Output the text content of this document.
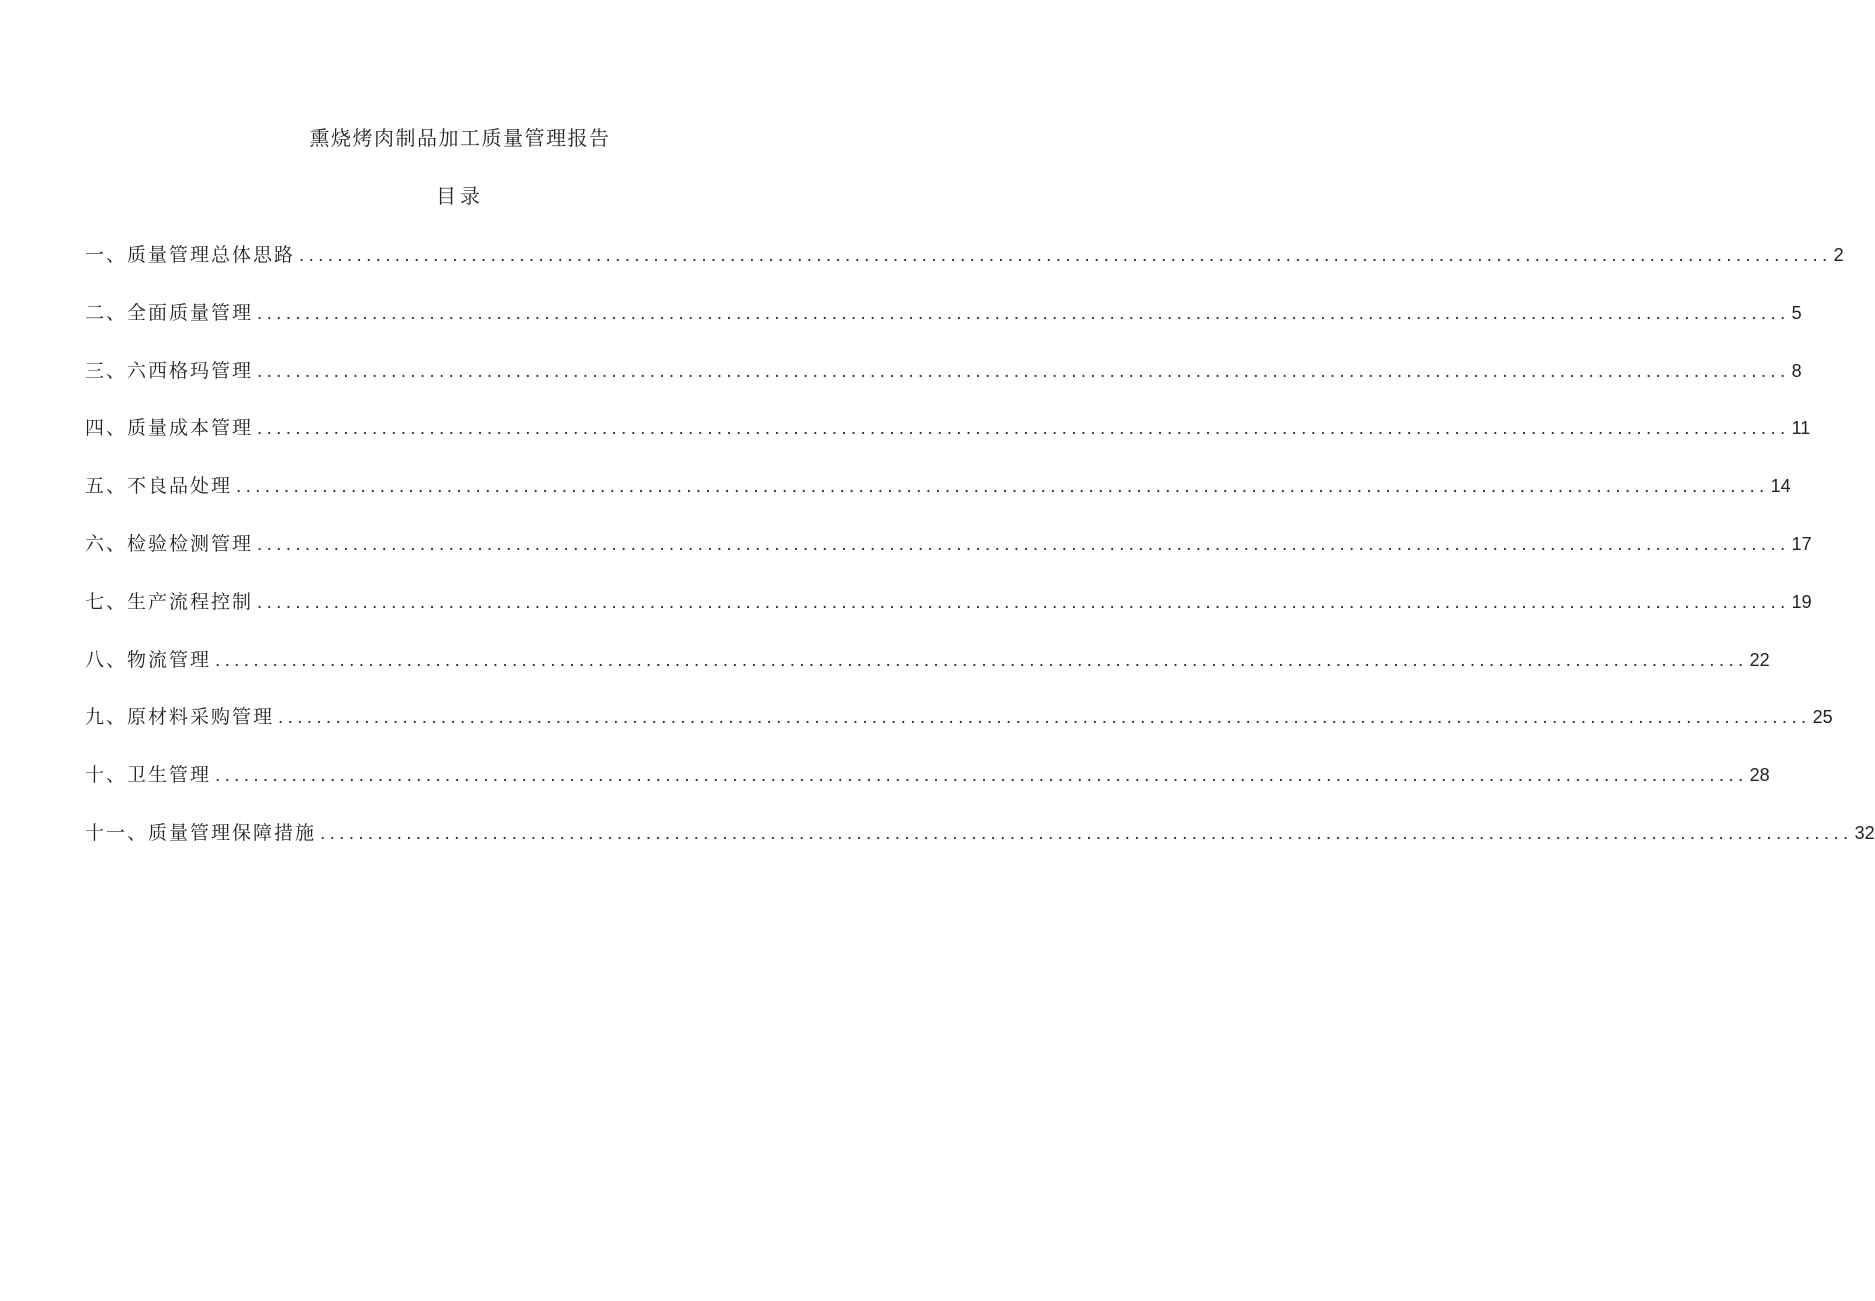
熏烧烤肉制品加工质量管理报告
目录
一、质量管理总体思路 ................................................................................................................................................................ 2
二、全面质量管理 ................................................................................................................................................................ 5
三、六西格玛管理 ................................................................................................................................................................ 8
四、质量成本管理 ................................................................................................................................................................ 11
五、不良品处理 ................................................................................................................................................................ 14
六、检验检测管理 ................................................................................................................................................................ 17
七、生产流程控制 ................................................................................................................................................................ 19
八、物流管理 ................................................................................................................................................................ 22
九、原材料采购管理 ................................................................................................................................................................ 25
十、卫生管理 ................................................................................................................................................................ 28
十一、质量管理保障措施 ................................................................................................................................................................ 32
